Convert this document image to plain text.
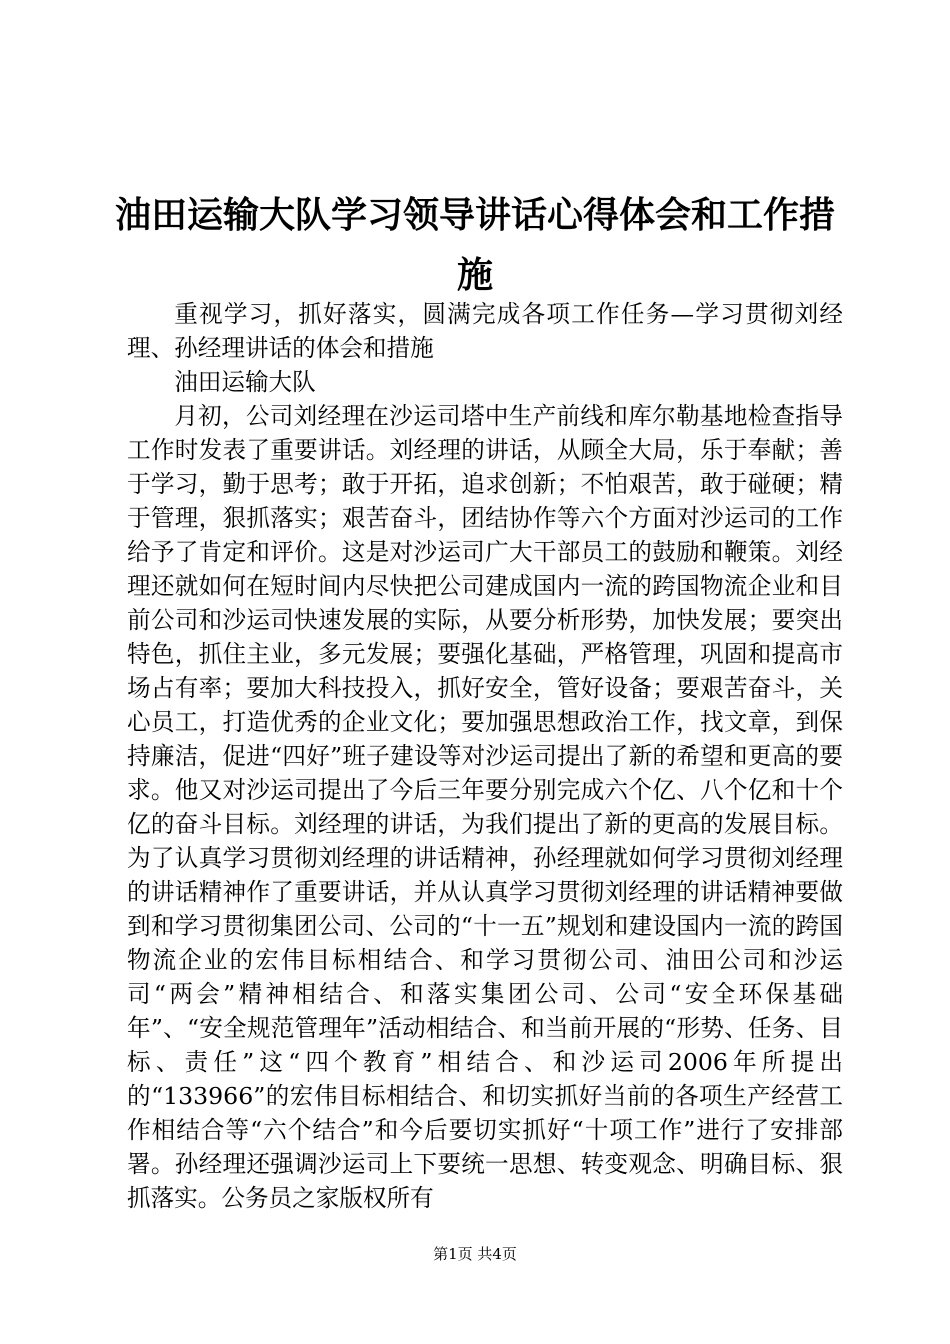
油田运输大队学习领导讲话心得体会和工作措施

重视学习，抓好落实，圆满完成各项工作任务—学习贯彻刘经理、孙经理讲话的体会和措施

油田运输大队

月初，公司刘经理在沙运司塔中生产前线和库尔勒基地检查指导工作时发表了重要讲话。刘经理的讲话，从顾全大局，乐于奉献；善于学习，勤于思考；敢于开拓，追求创新；不怕艰苦，敢于碰硬；精于管理，狠抓落实；艰苦奋斗，团结协作等六个方面对沙运司的工作给予了肯定和评价。这是对沙运司广大干部员工的鼓励和鞭策。刘经理还就如何在短时间内尽快把公司建成国内一流的跨国物流企业和目前公司和沙运司快速发展的实际，从要分析形势，加快发展；要突出特色，抓住主业，多元发展；要强化基础，严格管理，巩固和提高市场占有率；要加大科技投入，抓好安全，管好设备；要艰苦奋斗，关心员工，打造优秀的企业文化；要加强思想政治工作，找文章，到保持廉洁，促进“四好”班子建设等对沙运司提出了新的希望和更高的要求。他又对沙运司提出了今后三年要分别完成六个亿、八个亿和十个亿的奋斗目标。刘经理的讲话，为我们提出了新的更高的发展目标。为了认真学习贯彻刘经理的讲话精神，孙经理就如何学习贯彻刘经理的讲话精神作了重要讲话，并从认真学习贯彻刘经理的讲话精神要做到和学习贯彻集团公司、公司的“十一五”规划和建设国内一流的跨国物流企业的宏伟目标相结合、和学习贯彻公司、油田公司和沙运司“两会”精神相结合、和落实集团公司、公司“安全环保基础年”、“安全规范管理年”活动相结合、和当前开展的“形势、任务、目标、责任”这“四个教育”相结合、和沙运司2006年所提出的“133966”的宏伟目标相结合、和切实抓好当前的各项生产经营工作相结合等“六个结合”和今后要切实抓好“十项工作”进行了安排部署。孙经理还强调沙运司上下要统一思想、转变观念、明确目标、狠抓落实。公务员之家版权所有

第1页 共4页
